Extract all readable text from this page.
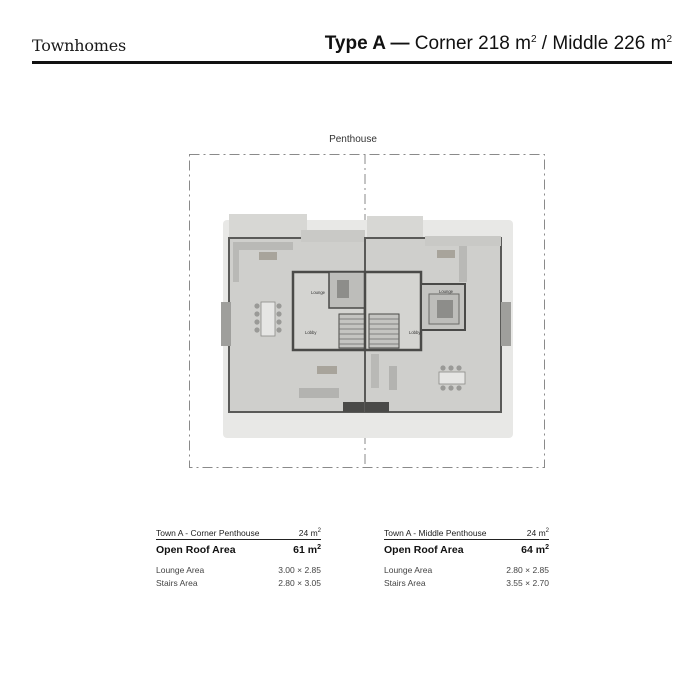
Townhomes	Type A — Corner 218 $m^2$ / Middle 226 $m^2$
Penthouse
Lounge
Lobby
Lounge
Lobby
Town A - Corner Penthouse	24 $m^2$
Open Roof Area	61 $m^2$
Lounge Area	3.00 × 2.85
Stairs Area	2.80 × 3.05
Town A - Middle Penthouse	24 $m^2$
Open Roof Area	64 $m^2$
Lounge Area	2.80 × 2.85
Stairs Area	3.55 × 2.70
